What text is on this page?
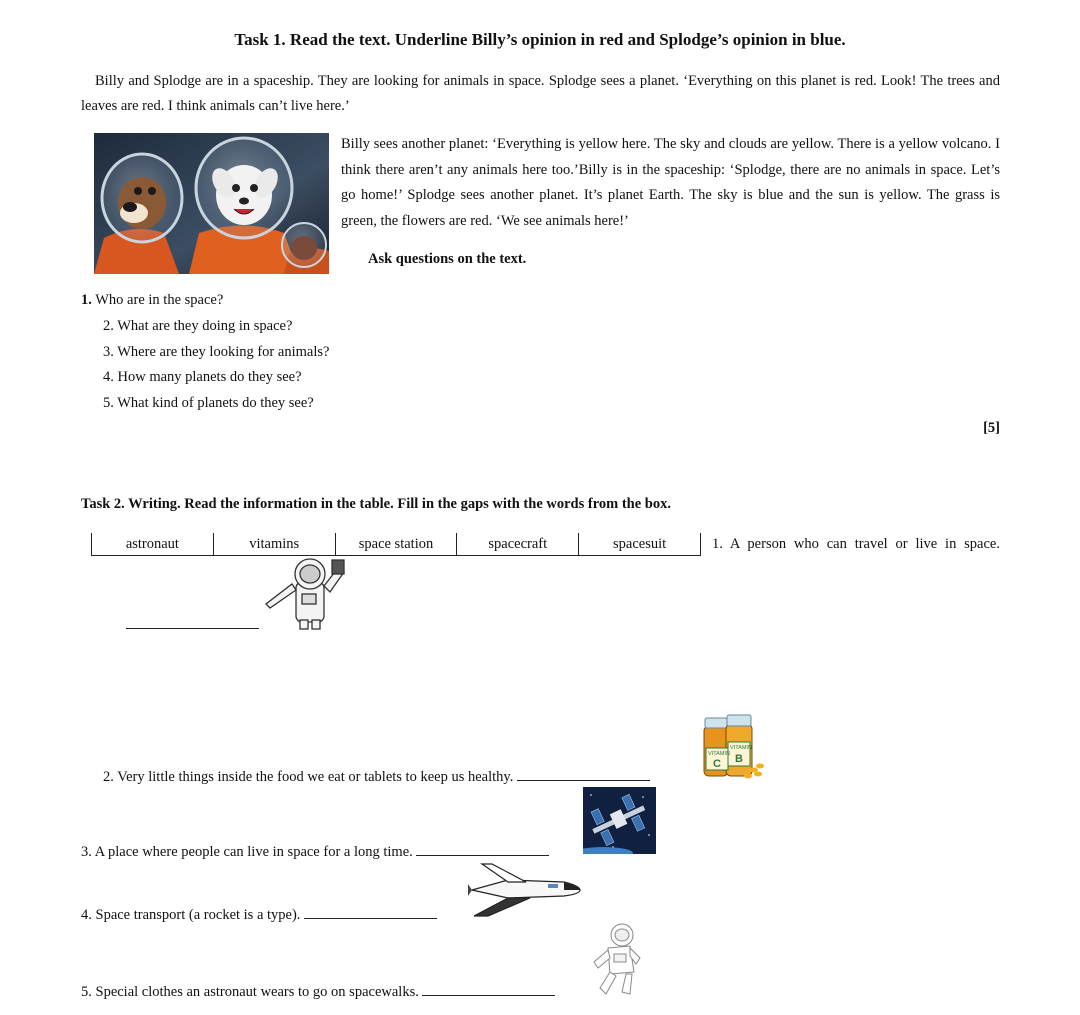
Task 1. Read the text. Underline Billy’s opinion in red and Splodge’s opinion in blue.
Billy and Splodge are in a spaceship. They are looking for animals in space. Splodge sees a planet. ‘Everything on this planet is red. Look! The trees and leaves are red. I think animals can’t live here.’
Billy sees another planet: ‘Everything is yellow here. The sky and clouds are yellow. There is a yellow volcano. I think there aren’t any animals here too.’Billy is in the spaceship: ‘Splodge, there are no animals in space. Let’s go home!’ Splodge sees another planet. It’s planet Earth. The sky is blue and the sun is yellow. The grass is green, the flowers are red. ‘We see animals here!’
Ask questions on the text.
1. Who are in the space?
2. What are they doing in space?
3. Where are they looking for animals?
4. How many planets do they see?
5. What kind of planets do they see?
[5]
Task 2. Writing. Read the information in the table. Fill in the gaps with the words from the box.
astronaut	vitamins	space station	spacecraft	spacesuit	1. A person who can travel or live in space.
2. Very little things inside the food we eat or tablets to keep us healthy.
VITAMIN
C
VITAMIN
B
3. A place where people can live in space for a long time.
4. Space transport (a rocket is a type).
5. Special clothes an astronaut wears to go on spacewalks.
